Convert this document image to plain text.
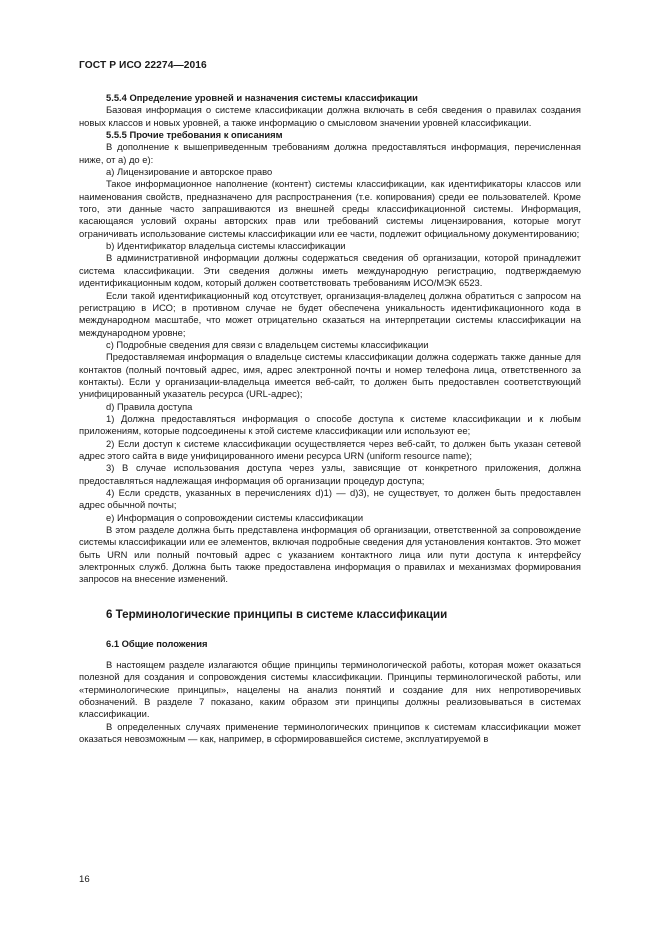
ГОСТ Р ИСО 22274—2016
5.5.4 Определение уровней и назначения системы классификации
Базовая информация о системе классификации должна включать в себя сведения о правилах создания новых классов и новых уровней, а также информацию о смысловом значении уровней классификации.
5.5.5 Прочие требования к описаниям
В дополнение к вышеприведенным требованиям должна предоставляться информация, перечисленная ниже, от a) до e):
a) Лицензирование и авторское право
Такое информационное наполнение (контент) системы классификации, как идентификаторы классов или наименования свойств, предназначено для распространения (т.е. копирования) среди ее пользователей. Кроме того, эти данные часто запрашиваются из внешней среды классификационной системы. Информация, касающаяся условий охраны авторских прав или требований системы лицензирования, которые могут ограничивать использование системы классификации или ее части, подлежит официальному документированию;
b) Идентификатор владельца системы классификации
В административной информации должны содержаться сведения об организации, которой принадлежит система классификации. Эти сведения должны иметь международную регистрацию, подтверждаемую идентификационным кодом, который должен соответствовать требованиям ИСО/МЭК 6523.
Если такой идентификационный код отсутствует, организация-владелец должна обратиться с запросом на регистрацию в ИСО; в противном случае не будет обеспечена уникальность идентификационного кода в международном масштабе, что может отрицательно сказаться на интерпретации системы классификации на международном уровне;
c) Подробные сведения для связи с владельцем системы классификации
Предоставляемая информация о владельце системы классификации должна содержать также данные для контактов (полный почтовый адрес, имя, адрес электронной почты и номер телефона лица, ответственного за контакты). Если у организации-владельца имеется веб-сайт, то должен быть предоставлен соответствующий унифицированный указатель ресурса (URL-адрес);
d) Правила доступа
1) Должна предоставляться информация о способе доступа к системе классификации и к любым приложениям, которые подсоединены к этой системе классификации или используют ее;
2) Если доступ к системе классификации осуществляется через веб-сайт, то должен быть указан сетевой адрес этого сайта в виде унифицированного имени ресурса URN (uniform resource name);
3) В случае использования доступа через узлы, зависящие от конкретного приложения, должна предоставляться надлежащая информация об организации процедур доступа;
4) Если средств, указанных в перечислениях d)1) — d)3), не существует, то должен быть предоставлен адрес обычной почты;
e) Информация о сопровождении системы классификации
В этом разделе должна быть представлена информация об организации, ответственной за сопровождение системы классификации или ее элементов, включая подробные сведения для установления контактов. Это может быть URN или полный почтовый адрес с указанием контактного лица или пути доступа к интерфейсу электронных служб. Должна быть также предоставлена информация о правилах и механизмах формирования запросов на внесение изменений.
6 Терминологические принципы в системе классификации
6.1 Общие положения
В настоящем разделе излагаются общие принципы терминологической работы, которая может оказаться полезной для создания и сопровождения системы классификации. Принципы терминологической работы, или «терминологические принципы», нацелены на анализ понятий и создание для них непротиворечивых обозначений. В разделе 7 показано, каким образом эти принципы должны реализовываться в системах классификации.
В определенных случаях применение терминологических принципов к системам классификации может оказаться невозможным — как, например, в сформировавшейся системе, эксплуатируемой в
16
